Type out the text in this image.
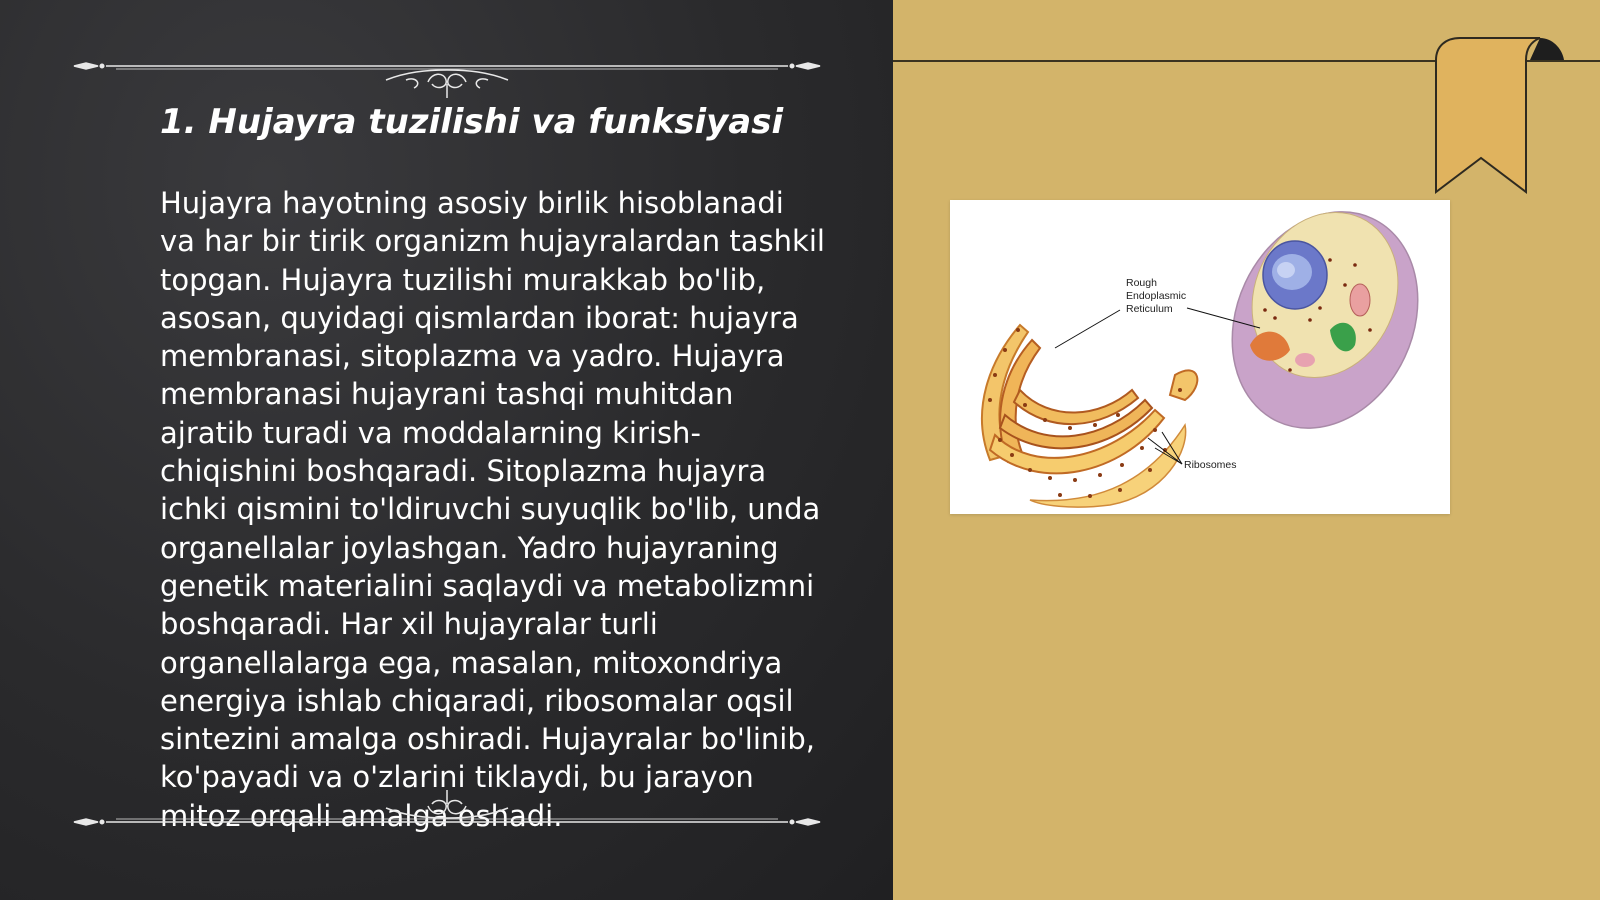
1. Hujayra tuzilishi va funksiyasi

Hujayra hayotning asosiy birlik hisoblanadi va har bir tirik organizm hujayralardan tashkil topgan. Hujayra tuzilishi murakkab bo'lib, asosan, quyidagi qismlardan iborat: hujayra membranasi, sitoplazma va yadro. Hujayra membranasi hujayrani tashqi muhitdan ajratib turadi va moddalarning kirish-chiqishini boshqaradi. Sitoplazma hujayra ichki qismini to'ldiruvchi suyuqlik bo'lib, unda organellalar joylashgan. Yadro hujayraning genetik materialini saqlaydi va metabolizmni boshqaradi. Har xil hujayralar turli organellalarga ega, masalan, mitoxondriya energiya ishlab chiqaradi, ribosomalar oqsil sintezini amalga oshiradi. Hujayralar bo'linib, ko'payadi va o'zlarini tiklaydi, bu jarayon mitoz orqali amalga oshadi.

Rough
Endoplasmic
Reticulum
Ribosomes
